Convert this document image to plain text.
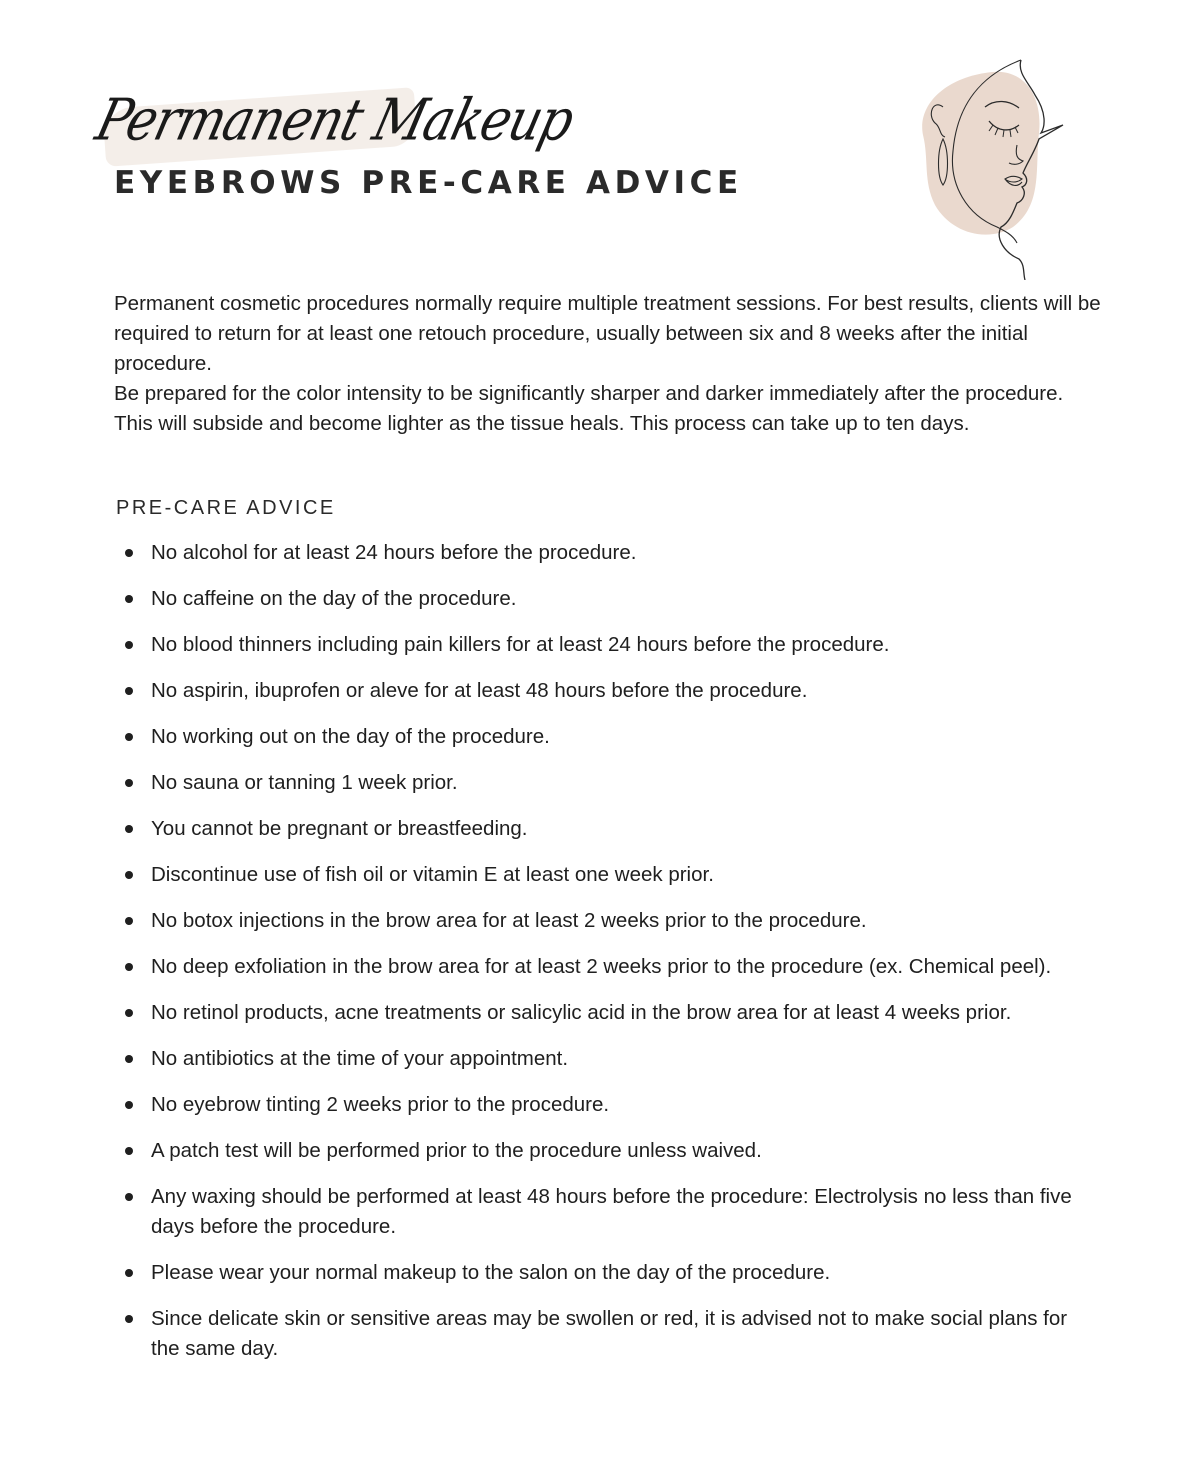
Permanent Makeup
EYEBROWS PRE-CARE ADVICE

Permanent cosmetic procedures normally require multiple treatment sessions. For best results, clients will be required to return for at least one retouch procedure, usually between six and 8 weeks after the initial procedure.

Be prepared for the color intensity to be significantly sharper and darker immediately after the procedure. This will subside and become lighter as the tissue heals. This process can take up to ten days.

PRE-CARE ADVICE
No alcohol for at least 24 hours before the procedure.
No caffeine on the day of the procedure.
No blood thinners including pain killers for at least 24 hours before the procedure.
No aspirin, ibuprofen or aleve for at least 48 hours before the procedure.
No working out on the day of the procedure.
No sauna or tanning 1 week prior.
You cannot be pregnant or breastfeeding.
Discontinue use of fish oil or vitamin E at least one week prior.
No botox injections in the brow area for at least 2 weeks prior to the procedure.
No deep exfoliation in the brow area for at least 2 weeks prior to the procedure (ex. Chemical peel).
No retinol products, acne treatments or salicylic acid in the brow area for at least 4 weeks prior.
No antibiotics at the time of your appointment.
No eyebrow tinting 2 weeks prior to the procedure.
A patch test will be performed prior to the procedure unless waived.
Any waxing should be performed at least 48 hours before the procedure: Electrolysis no less than five days before the procedure.
Please wear your normal makeup to the salon on the day of the procedure.
Since delicate skin or sensitive areas may be swollen or red, it is advised not to make social plans for the same day.
